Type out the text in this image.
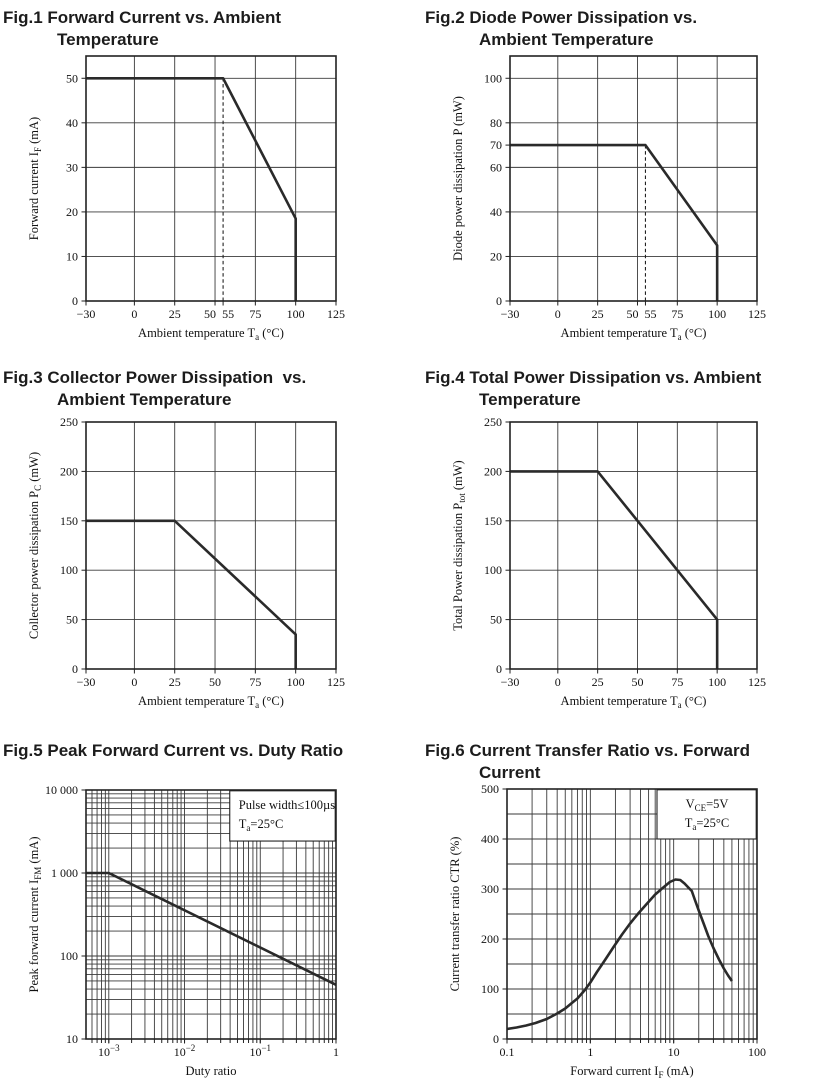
Fig.1 Forward Current vs. Ambient
Temperature
−30	0	25 50 55 75 100 125
0
10
20
30
40
50
Ambient temperature $T_a$ (°C)
Forward current $I_F$ (mA)
Fig.2 Diode Power Dissipation vs.
Ambient Temperature
−30	0	25 50 55 75 100 125
0
20
40
60
70
80
100
Ambient temperature $T_a$ (°C)
Diode power dissipation P (mW)
Fig.3 Collector Power Dissipation  vs.
Ambient Temperature
−30	0	25 50 75 100 125
0
50
100
150
200
250
Ambient temperature $T_a$ (°C)
Collector power dissipation $P_C$ (mW)
Fig.4 Total Power Dissipation vs. Ambient
Temperature
−30	0	25 50 75 100 125
0
50
100
150
200
250
Ambient temperature $T_a$ (°C)
Total Power dissipation $P_{tot}$ (mW)
Fig.5 Peak Forward Current vs. Duty Ratio
Pulse width≤100µs
$T_a=25^\circ C$
$10^{-3}$	$10^{-2}$	$10^{-1}$	1
10
100
1 000
10 000
Duty ratio
Peak forward current $I_{FM}$ (mA)
Fig.6 Current Transfer Ratio vs. Forward
Current
$V_{CE}=5V$
$T_a=25^\circ C$
0.1	1	10	100
0
100
200
300
400
500
Forward current $I_F$ (mA)
Current transfer ratio CTR (%)
